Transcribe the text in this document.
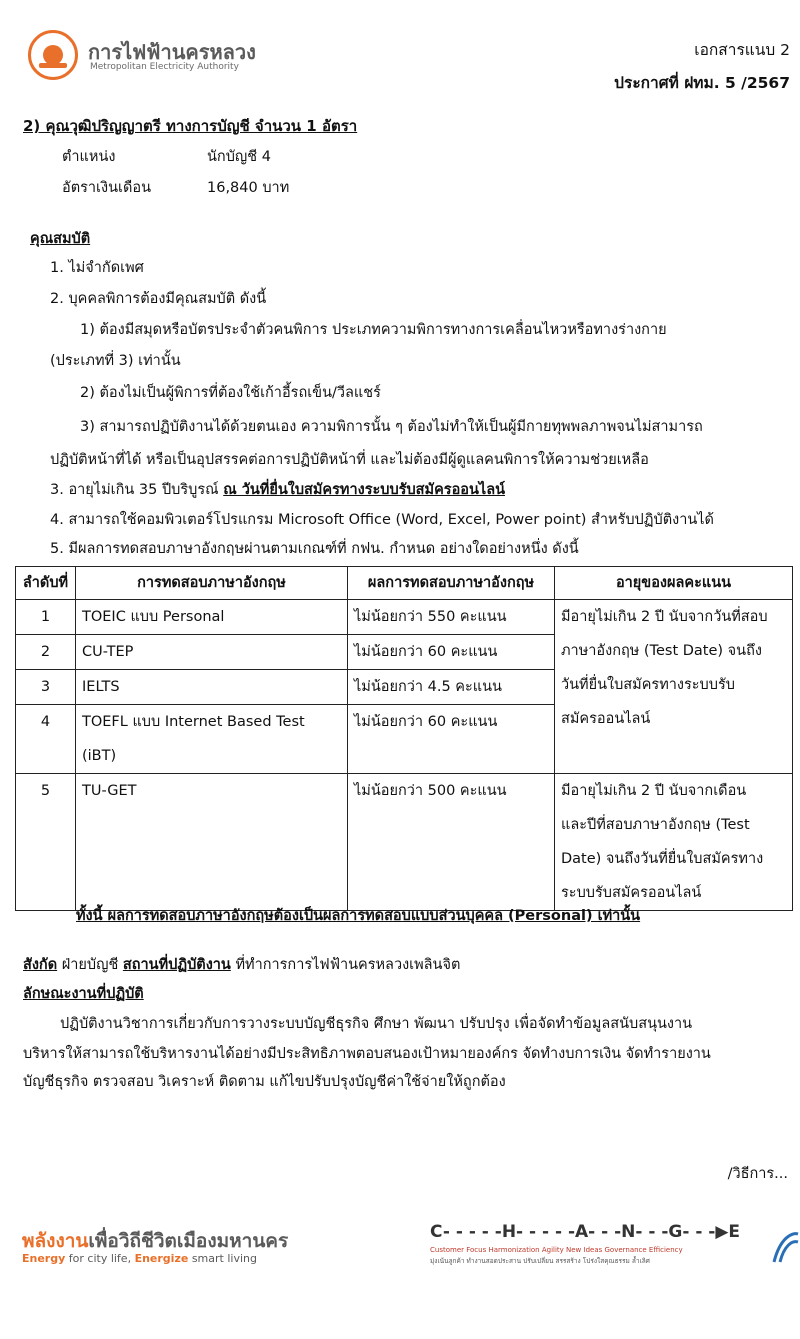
การไฟฟ้านครหลวง
Metropolitan Electricity Authority
เอกสารแนบ 2
ประกาศที่ ฝทม. 5 /2567
2) คุณวุฒิปริญญาตรี ทางการบัญชี จำนวน 1 อัตรา
ตำแหน่ง	นักบัญชี 4
อัตราเงินเดือน	16,840 บาท
คุณสมบัติ
1. ไม่จำกัดเพศ
2. บุคคลพิการต้องมีคุณสมบัติ ดังนี้
1) ต้องมีสมุดหรือบัตรประจำตัวคนพิการ ประเภทความพิการทางการเคลื่อนไหวหรือทางร่างกาย
(ประเภทที่ 3) เท่านั้น
2) ต้องไม่เป็นผู้พิการที่ต้องใช้เก้าอี้รถเข็น/วีลแชร์
3) สามารถปฏิบัติงานได้ด้วยตนเอง ความพิการนั้น ๆ ต้องไม่ทำให้เป็นผู้มีกายทุพพลภาพจนไม่สามารถ
ปฏิบัติหน้าที่ได้ หรือเป็นอุปสรรคต่อการปฏิบัติหน้าที่ และไม่ต้องมีผู้ดูแลคนพิการให้ความช่วยเหลือ
3. อายุไม่เกิน 35 ปีบริบูรณ์ ณ วันที่ยื่นใบสมัครทางระบบรับสมัครออนไลน์
4. สามารถใช้คอมพิวเตอร์โปรแกรม Microsoft Office (Word, Excel, Power point) สำหรับปฏิบัติงานได้
5. มีผลการทดสอบภาษาอังกฤษผ่านตามเกณฑ์ที่ กฟน. กำหนด อย่างใดอย่างหนึ่ง ดังนี้
ลำดับที่	การทดสอบภาษาอังกฤษ	ผลการทดสอบภาษาอังกฤษ	อายุของผลคะแนน
1	TOEIC แบบ Personal	ไม่น้อยกว่า 550 คะแนน	มีอายุไม่เกิน 2 ปี นับจากวันที่สอบ
ภาษาอังกฤษ (Test Date) จนถึง
วันที่ยื่นใบสมัครทางระบบรับ
สมัครออนไลน์

2	CU-TEP	ไม่น้อยกว่า 60 คะแนน	
3	IELTS	ไม่น้อยกว่า 4.5 คะแนน	
4	TOEFL แบบ Internet Based Test
(iBT)	ไม่น้อยกว่า 60 คะแนน	
5	TU-GET	ไม่น้อยกว่า 500 คะแนน	มีอายุไม่เกิน 2 ปี นับจากเดือน
และปีที่สอบภาษาอังกฤษ (Test
Date) จนถึงวันที่ยื่นใบสมัครทาง
ระบบรับสมัครออนไลน์
ทั้งนี้ ผลการทดสอบภาษาอังกฤษต้องเป็นผลการทดสอบแบบส่วนบุคคล (Personal) เท่านั้น
สังกัด ฝ่ายบัญชี สถานที่ปฏิบัติงาน ที่ทำการการไฟฟ้านครหลวงเพลินจิต
ลักษณะงานที่ปฏิบัติ
ปฏิบัติงานวิชาการเกี่ยวกับการวางระบบบัญชีธุรกิจ ศึกษา พัฒนา ปรับปรุง เพื่อจัดทำข้อมูลสนับสนุนงาน
บริหารให้สามารถใช้บริหารงานได้อย่างมีประสิทธิภาพตอบสนองเป้าหมายองค์กร จัดทำงบการเงิน จัดทำรายงาน
บัญชีธุรกิจ ตรวจสอบ วิเคราะห์ ติดตาม แก้ไขปรับปรุงบัญชีค่าใช้จ่ายให้ถูกต้อง
/วิธีการ...
พลังงานเพื่อวิถีชีวิตเมืองมหานคร
Energy for city life, Energize smart living
C- - - - -H- - - - -A- - -N- - -G- - -▶E
Customer Focus Harmonization Agility New Ideas Governance Efficiency
มุ่งเน้นลูกค้า ทำงานสอดประสาน ปรับเปลี่ยน สรรสร้าง โปร่งใสคุณธรรม ล้ำเลิศ
